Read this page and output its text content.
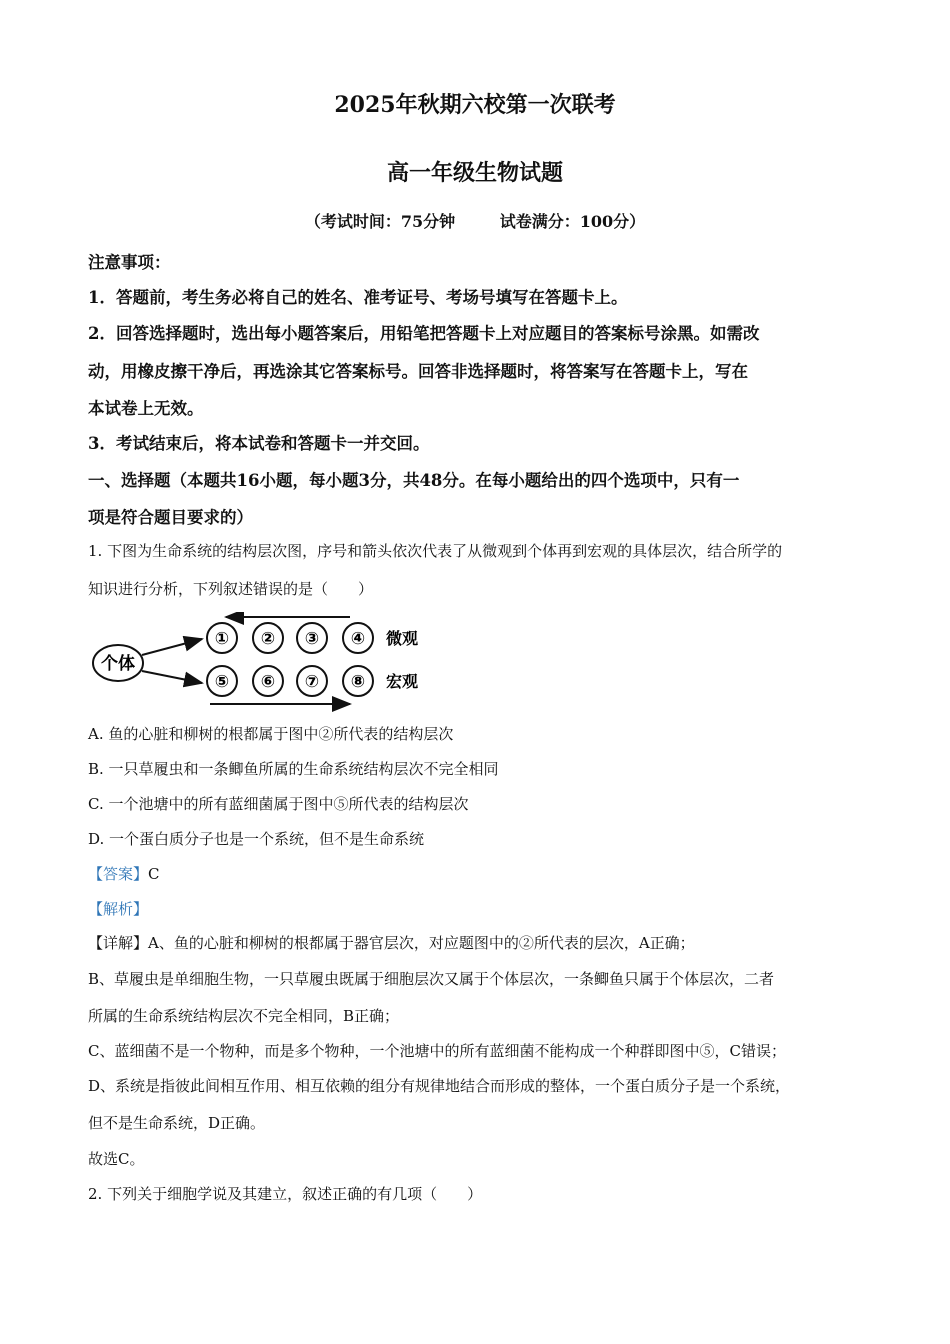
2025年秋期六校第一次联考
高一年级生物试题
（考试时间：75分钟        试卷满分：100分）
注意事项：
1．答题前，考生务必将自己的姓名、准考证号、考场号填写在答题卡上。
2．回答选择题时，选出每小题答案后，用铅笔把答题卡上对应题目的答案标号涂黑。如需改
动，用橡皮擦干净后，再选涂其它答案标号。回答非选择题时，将答案写在答题卡上，写在
本试卷上无效。
3．考试结束后，将本试卷和答题卡一并交回。
一、选择题（本题共16小题，每小题3分，共48分。在每小题给出的四个选项中，只有一
项是符合题目要求的）
1. 下图为生命系统的结构层次图，序号和箭头依次代表了从微观到个体再到宏观的具体层次，结合所学的
知识进行分析，下列叙述错误的是（　　）
个体
① ② ③ ④
⑤ ⑥ ⑦ ⑧
微观
宏观
A. 鱼的心脏和柳树的根都属于图中②所代表的结构层次
B. 一只草履虫和一条鲫鱼所属的生命系统结构层次不完全相同
C. 一个池塘中的所有蓝细菌属于图中⑤所代表的结构层次
D. 一个蛋白质分子也是一个系统，但不是生命系统
【答案】C
【解析】
【详解】A、鱼的心脏和柳树的根都属于器官层次，对应题图中的②所代表的层次，A正确；
B、草履虫是单细胞生物，一只草履虫既属于细胞层次又属于个体层次，一条鲫鱼只属于个体层次，二者
所属的生命系统结构层次不完全相同，B正确；
C、蓝细菌不是一个物种，而是多个物种，一个池塘中的所有蓝细菌不能构成一个种群即图中⑤，C错误；
D、系统是指彼此间相互作用、相互依赖的组分有规律地结合而形成的整体，一个蛋白质分子是一个系统，
但不是生命系统，D正确。
故选C。
2. 下列关于细胞学说及其建立，叙述正确的有几项（　　）
